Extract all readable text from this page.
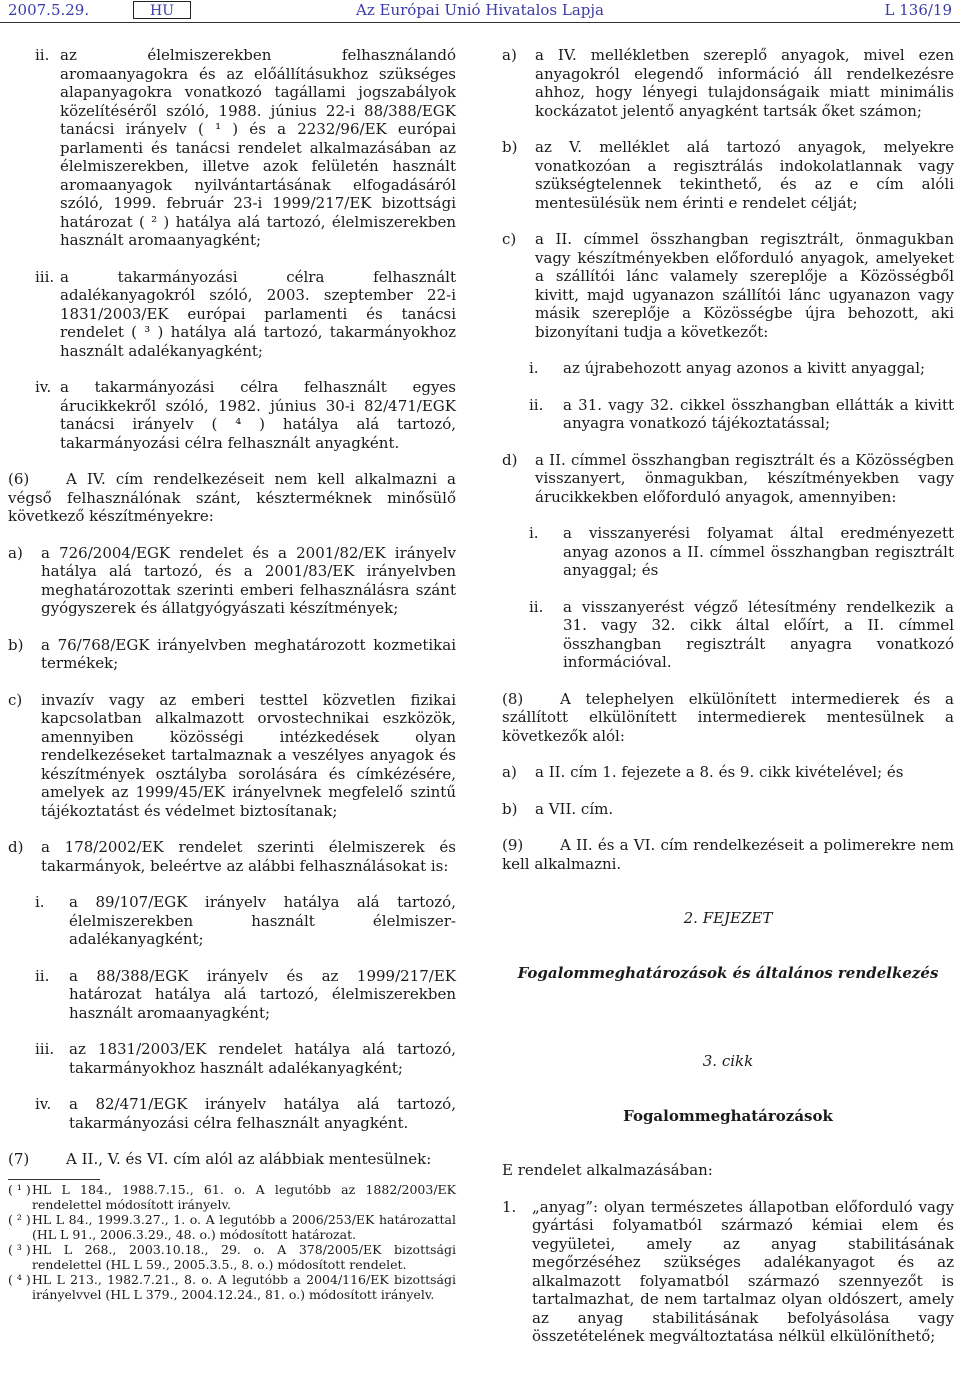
2007.5.29.	HU	Az Európai Unió Hivatalos Lapja	L 136/19
ii. az élelmiszerekben felhasználandó aromaanyagokra és az előállításukhoz szükséges alapanyagokra vonatkozó tagállami jogszabályok közelítéséről szóló, 1988. június 22-i 88/388/EGK tanácsi irányelv ( ¹ ) és a 2232/96/EK európai parlamenti és tanácsi rendelet alkalmazásában az élelmiszerekben, illetve azok felületén használt aromaanyagok nyilvántartásának elfogadásáról szóló, 1999. február 23-i 1999/217/EK bizottsági határozat ( ² ) hatálya alá tartozó, élelmiszerekben használt aromaanyagként;
iii. a takarmányozási célra felhasznált adalékanyagokról szóló, 2003. szeptember 22-i 1831/2003/EK európai parlamenti és tanácsi rendelet ( ³ ) hatálya alá tartozó, takarmányokhoz használt adalékanyagként;
iv. a takarmányozási célra felhasznált egyes árucikkekről szóló, 1982. június 30-i 82/471/EGK tanácsi irányelv ( ⁴ ) hatálya alá tartozó, takarmányozási célra felhasznált anyagként.

(6) A IV. cím rendelkezéseit nem kell alkalmazni a végső felhasználónak szánt, készterméknek minősülő következő készítményekre:

a)	a 726/2004/EGK rendelet és a 2001/82/EK irányelv hatálya alá tartozó, és a 2001/83/EK irányelvben meghatározottak szerinti emberi felhasználásra szánt gyógyszerek és állatgyógyászati készítmények;
b)	a 76/768/EGK irányelvben meghatározott kozmetikai termékek;
c)	invazív vagy az emberi testtel közvetlen fizikai kapcsolatban alkalmazott orvostechnikai eszközök, amennyiben közösségi intézkedések olyan rendelkezéseket tartalmaznak a veszélyes anyagok és készítmények osztályba sorolására és címkézésére, amelyek az 1999/45/EK irányelvnek megfelelő szintű tájékoztatást és védelmet biztosítanak;
d)	a 178/2002/EK rendelet szerinti élelmiszerek és takarmányok, beleértve az alábbi felhasználásokat is:
i.	a 89/107/EGK irányelv hatálya alá tartozó, élelmiszerekben használt élelmiszer-adalékanyagként;
ii.	a 88/388/EGK irányelv és az 1999/217/EK határozat hatálya alá tartozó, élelmiszerekben használt aromaanyagként;
iii. az 1831/2003/EK rendelet hatálya alá tartozó, takarmányokhoz használt adalékanyagként;
iv.	a 82/471/EGK irányelv hatálya alá tartozó, takarmányozási célra felhasznált anyagként.

(7) A II., V. és VI. cím alól az alábbiak mentesülnek:

( ¹ ) HL L 184., 1988.7.15., 61. o. A legutóbb az 1882/2003/EK rendelettel módosított irányelv.
( ² ) HL L 84., 1999.3.27., 1. o. A legutóbb a 2006/253/EK határozattal (HL L 91., 2006.3.29., 48. o.) módosított határozat.
( ³ ) HL L 268., 2003.10.18., 29. o. A 378/2005/EK bizottsági rendelettel (HL L 59., 2005.3.5., 8. o.) módosított rendelet.
( ⁴ ) HL L 213., 1982.7.21., 8. o. A legutóbb a 2004/116/EK bizottsági irányelvvel (HL L 379., 2004.12.24., 81. o.) módosított irányelv.
a)	a IV. mellékletben szereplő anyagok, mivel ezen anyagokról elegendő információ áll rendelkezésre ahhoz, hogy lényegi tulajdonságaik miatt minimális kockázatot jelentő anyagként tartsák őket számon;
b)	az V. melléklet alá tartozó anyagok, melyekre vonatkozóan a regisztrálás indokolatlannak vagy szükségtelennek tekinthető, és az e cím alóli mentesülésük nem érinti e rendelet célját;
c)	a II. címmel összhangban regisztrált, önmagukban vagy készítményekben előforduló anyagok, amelyeket a szállítói lánc valamely szereplője a Közösségből kivitt, majd ugyanazon szállítói lánc ugyanazon vagy másik szereplője a Közösségbe újra behozott, aki bizonyítani tudja a következőt:
i.	az újrabehozott anyag azonos a kivitt anyaggal;
ii.	a 31. vagy 32. cikkel összhangban ellátták a kivitt anyagra vonatkozó tájékoztatással;
d)	a II. címmel összhangban regisztrált és a Közösségben visszanyert, önmagukban, készítményekben vagy árucikkekben előforduló anyagok, amennyiben:
i.	a visszanyerési folyamat által eredményezett anyag azonos a II. címmel összhangban regisztrált anyaggal; és
ii.	a visszanyerést végző létesítmény rendelkezik a 31. vagy 32. cikk által előírt, a II. címmel összhangban regisztrált anyagra vonatkozó információval.

(8) A telephelyen elkülönített intermedierek és a szállított elkülönített intermedierek mentesülnek a következők alól:

a)	a II. cím 1. fejezete a 8. és 9. cikk kivételével; és
b)	a VII. cím.

(9) A II. és a VI. cím rendelkezéseit a polimerekre nem kell alkalmazni.

2. FEJEZET

Fogalommeghatározások és általános rendelkezés

3. cikk

Fogalommeghatározások

E rendelet alkalmazásában:

1.	„anyag”: olyan természetes állapotban előforduló vagy gyártási folyamatból származó kémiai elem és vegyületei, amely az anyag stabilitásának megőrzéséhez szükséges adalékanyagot és az alkalmazott folyamatból származó szennyezőt is tartalmazhat, de nem tartalmaz olyan oldószert, amely az anyag stabilitásának befolyásolása vagy összetételének megváltoztatása nélkül elkülöníthető;
